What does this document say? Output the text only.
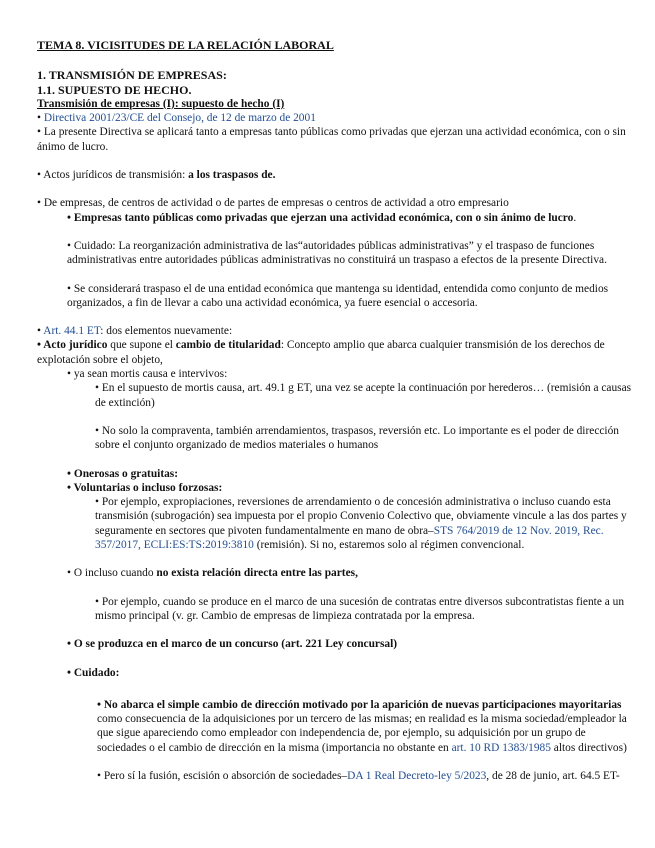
TEMA 8. VICISITUDES DE LA RELACIÓN LABORAL

1. TRANSMISIÓN DE EMPRESAS:

1.1. SUPUESTO DE HECHO.

Transmisión de empresas (I): supuesto de hecho (I)

• Directiva 2001/23/CE del Consejo, de 12 de marzo de 2001

• La presente Directiva se aplicará tanto a empresas tanto públicas como privadas que ejerzan una actividad económica, con o sin ánimo de lucro.

• Actos jurídicos de transmisión: a los traspasos de.

• De empresas, de centros de actividad o de partes de empresas o centros de actividad a otro empresario

• Empresas tanto públicas como privadas que ejerzan una actividad económica, con o sin ánimo de lucro.

• Cuidado: La reorganización administrativa de las“autoridades públicas administrativas” y el traspaso de funciones administrativas entre autoridades públicas administrativas no constituirá un traspaso a efectos de la presente Directiva.

• Se considerará traspaso el de una entidad económica que mantenga su identidad, entendida como conjunto de medios organizados, a fin de llevar a cabo una actividad económica, ya fuere esencial o accesoria.

• Art. 44.1 ET: dos elementos nuevamente:

• Acto jurídico que supone el cambio de titularidad: Concepto amplio que abarca cualquier transmisión de los derechos de explotación sobre el objeto,

• ya sean mortis causa e intervivos:

• En el supuesto de mortis causa, art. 49.1 g ET, una vez se acepte la continuación por herederos… (remisión a causas de extinción)

• No solo la compraventa, también arrendamientos, traspasos, reversión etc. Lo importante es el poder de dirección sobre el conjunto organizado de medios materiales o humanos

• Onerosas o gratuitas:

• Voluntarias o incluso forzosas:

• Por ejemplo, expropiaciones, reversiones de arrendamiento o de concesión administrativa o incluso cuando esta transmisión (subrogación) sea impuesta por el propio Convenio Colectivo que, obviamente vincule a las dos partes y seguramente en sectores que pivoten fundamentalmente en mano de obra–STS 764/2019 de 12 Nov. 2019, Rec. 357/2017, ECLI:ES:TS:2019:3810 (remisión). Si no, estaremos solo al régimen convencional.

• O incluso cuando no exista relación directa entre las partes,

• Por ejemplo, cuando se produce en el marco de una sucesión de contratas entre diversos subcontratistas fiente a un mismo principal (v. gr. Cambio de empresas de limpieza contratada por la empresa.

• O se produzca en el marco de un concurso (art. 221 Ley concursal)

• Cuidado:

• No abarca el simple cambio de dirección motivado por la aparición de nuevas participaciones mayoritarias como consecuencia de la adquisiciones por un tercero de las mismas; en realidad es la misma sociedad/empleador la que sigue apareciendo como empleador con independencia de, por ejemplo, su adquisición por un grupo de sociedades o el cambio de dirección en la misma (importancia no obstante en art. 10 RD 1383/1985 altos directivos)

• Pero sí la fusión, escisión o absorción de sociedades–DA 1 Real Decreto-ley 5/2023, de 28 de junio, art. 64.5 ET-
